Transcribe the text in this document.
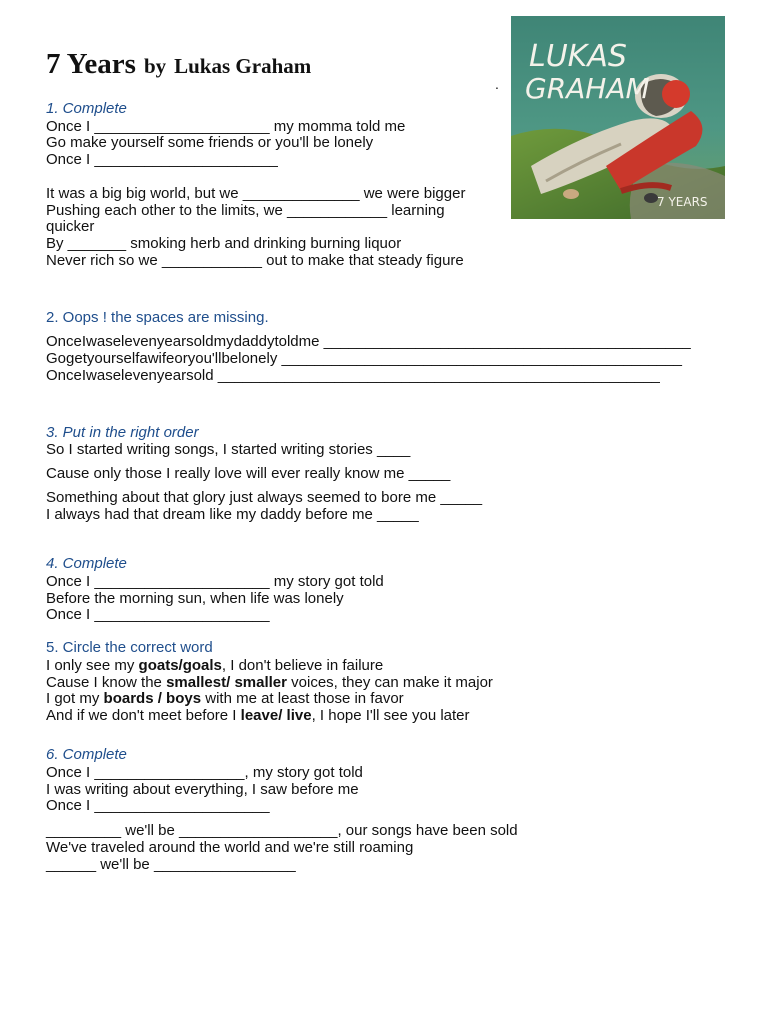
7 Years by Lukas Graham
.
LUKAS
GRAHAM
7 YEARS
1. Complete
Once I _____________________ my momma told me
Go make yourself some friends or you'll be lonely
Once I ______________________
It was a big big world, but we ______________ we were bigger
Pushing each other to the limits, we ____________ learning
quicker
By _______ smoking herb and drinking burning liquor
Never rich so we ____________ out to make that steady figure
2. Oops ! the spaces are missing.
OnceIwaselevenyearsoldmydaddytoldme ____________________________________________
Gogetyourselfawifeoryou'llbelonely ________________________________________________
OnceIwaselevenyearsold _____________________________________________________
3. Put in the right order
So I started writing songs, I started writing stories ____
Cause only those I really love will ever really know me _____
Something about that glory just always seemed to bore me _____
I always had that dream like my daddy before me _____
4. Complete
Once I _____________________ my story got told
Before the morning sun, when life was lonely
Once I _____________________
5. Circle the correct word
I only see my goats/goals, I don't believe in failure
Cause I know the smallest/ smaller voices, they can make it major
I got my boards / boys with me at least those in favor
And if we don't meet before I leave/ live, I hope I'll see you later
6. Complete
Once I __________________, my story got told
I was writing about everything, I saw before me
Once I _____________________
_________ we'll be ___________________, our songs have been sold
We've traveled around the world and we're still roaming
______ we'll be _________________
